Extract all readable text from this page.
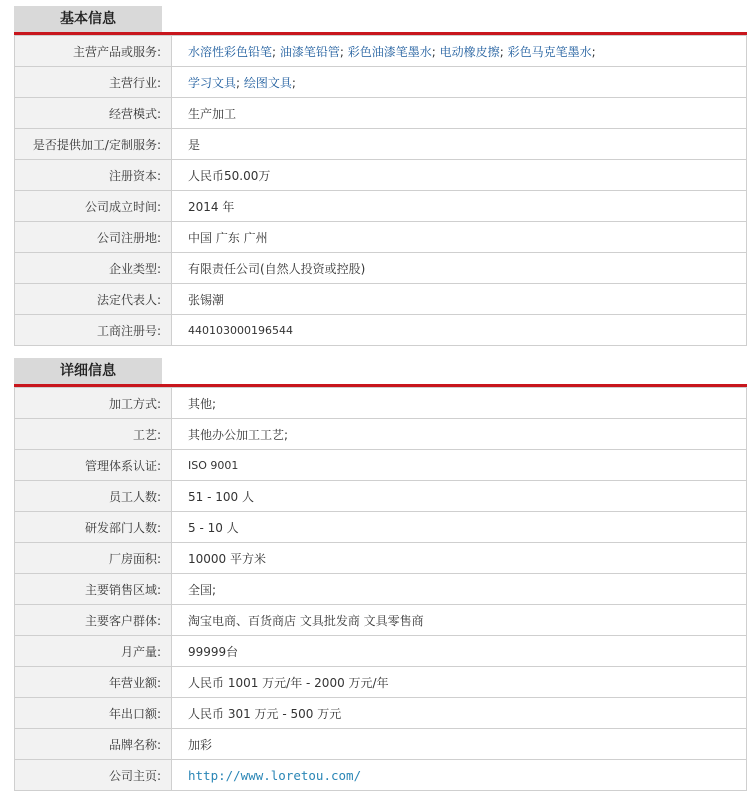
基本信息
主营产品或服务:	水溶性彩色铅笔; 油漆笔铅管; 彩色油漆笔墨水; 电动橡皮擦; 彩色马克笔墨水;
主营行业:	学习文具; 绘图文具;
经营模式:	生产加工
是否提供加工/定制服务:	是
注册资本:	人民币50.00万
公司成立时间:	2014 年
公司注册地:	中国 广东 广州
企业类型:	有限责任公司(自然人投资或控股)
法定代表人:	张锡潮
工商注册号:	440103000196544
详细信息
加工方式:	其他;
工艺:	其他办公加工工艺;
管理体系认证:	ISO 9001
员工人数:	51 - 100 人
研发部门人数:	5 - 10 人
厂房面积:	10000 平方米
主要销售区域:	全国;
主要客户群体:	淘宝电商、百货商店 文具批发商 文具零售商
月产量:	99999台
年营业额:	人民币 1001 万元/年 - 2000 万元/年
年出口额:	人民币 301 万元 - 500 万元
品牌名称:	加彩
公司主页:	http://www.loretou.com/
